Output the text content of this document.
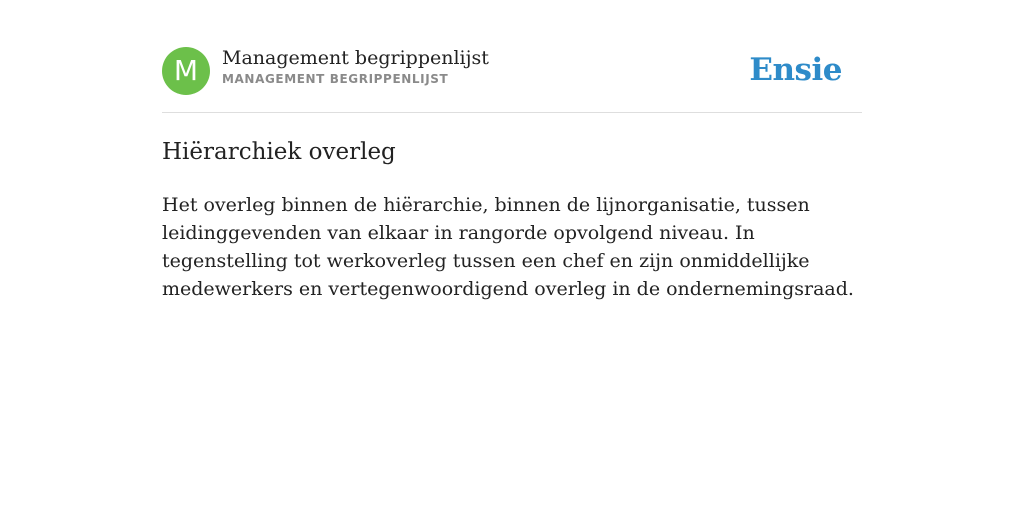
M	Management begrippenlijst
MANAGEMENT BEGRIPPENLIJST	Ensie
Hiërarchiek overleg

Het overleg binnen de hiërarchie, binnen de lijnorganisatie, tussen leidinggevenden van elkaar in rangorde opvolgend niveau. In tegenstelling tot werkoverleg tussen een chef en zijn onmiddellijke medewerkers en vertegenwoordigend overleg in de ondernemingsraad.
